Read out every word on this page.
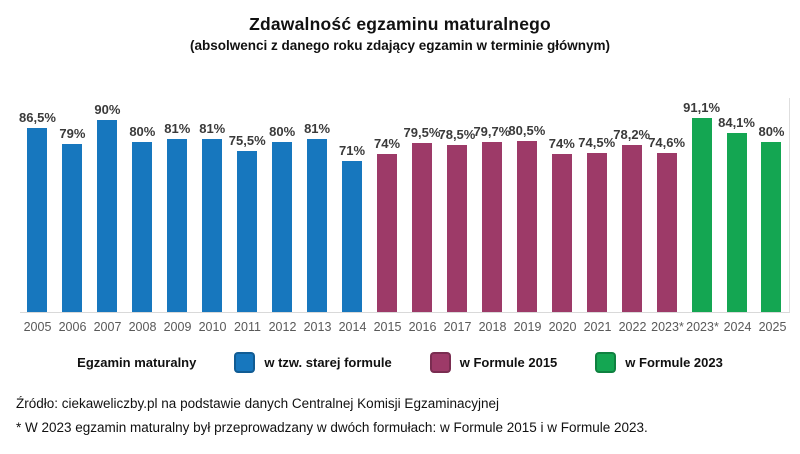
Zdawalność egzaminu maturalnego
(absolwenci z danego roku zdający egzamin w terminie głównym)
86,5%
79%
90%
80% 81% 81%
75,5%
80% 81%
71% 74%
79,5%
78,5%
79,7%
80,5%
74% 74,5%
78,2%
74,6%
91,1%
84,1%
80%
2005 2006 2007 2008 2009 2010 2011 2012 2013 2014 2015 2016 2017 2018 2019 2020 2021 2022 2023* 2023* 2024 2025
Egzamin maturalny	w tzw. starej formule	w Formule 2015	w Formule 2023
Źródło: ciekaweliczby.pl na podstawie danych Centralnej Komisji Egzaminacyjnej
* W 2023 egzamin maturalny był przeprowadzany w dwóch formułach: w Formule 2015 i w Formule 2023.
